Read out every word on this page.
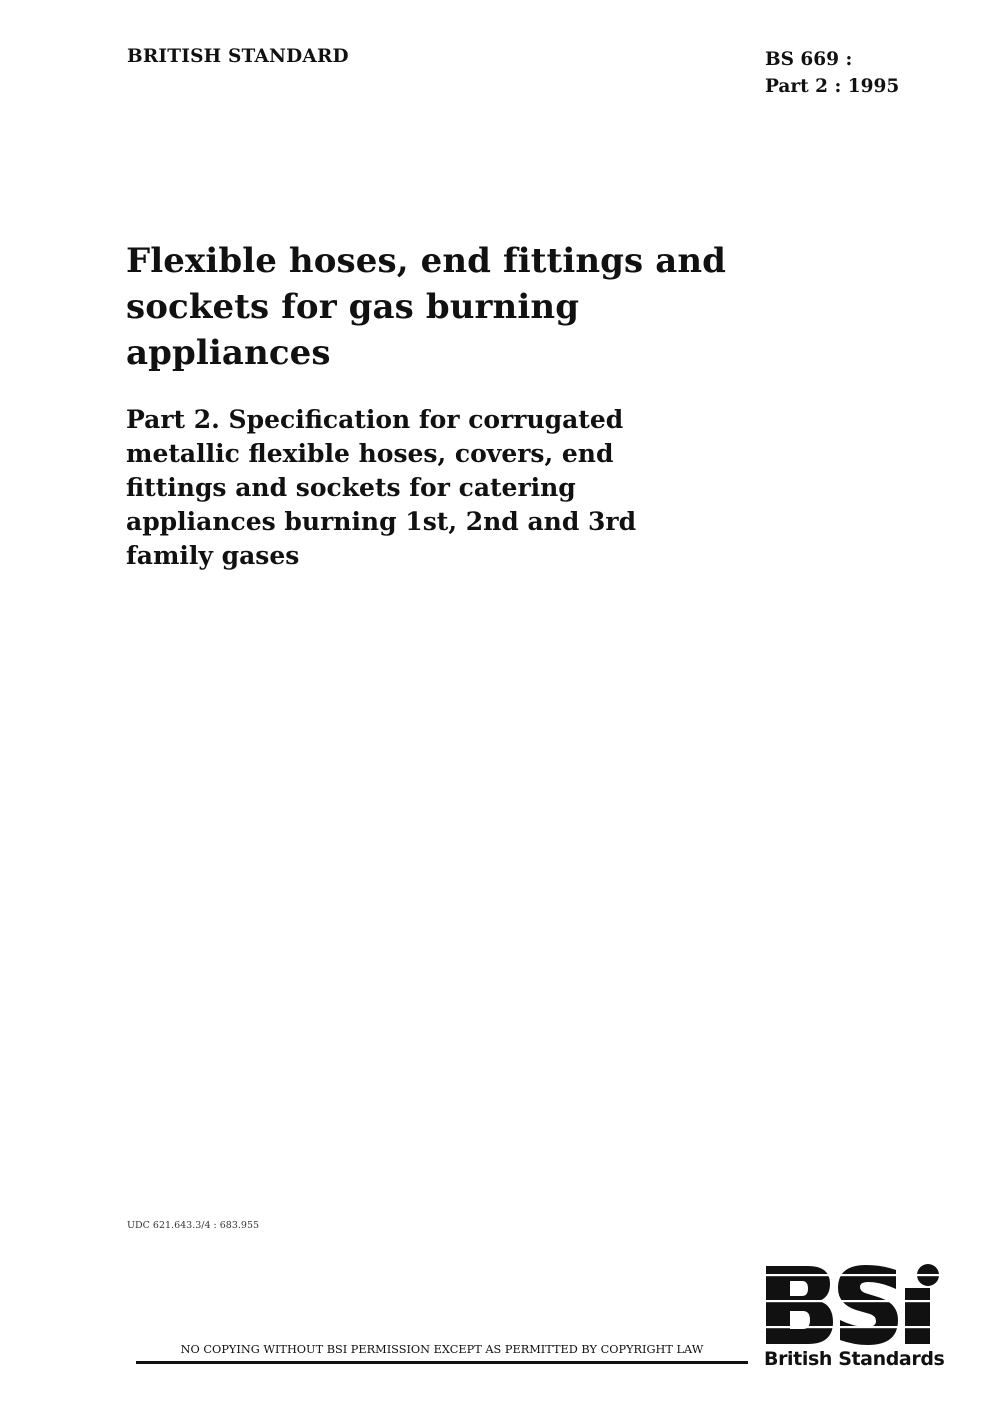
BRITISH STANDARD	BS 669 :
Part 2 : 1995
Flexible hoses, end fittings and sockets for gas burning appliances
Part 2. Specification for corrugated metallic flexible hoses, covers, end fittings and sockets for catering appliances burning 1st, 2nd and 3rd family gases
UDC 621.643.3/4 : 683.955
NO COPYING WITHOUT BSI PERMISSION EXCEPT AS PERMITTED BY COPYRIGHT LAW	British Standards
